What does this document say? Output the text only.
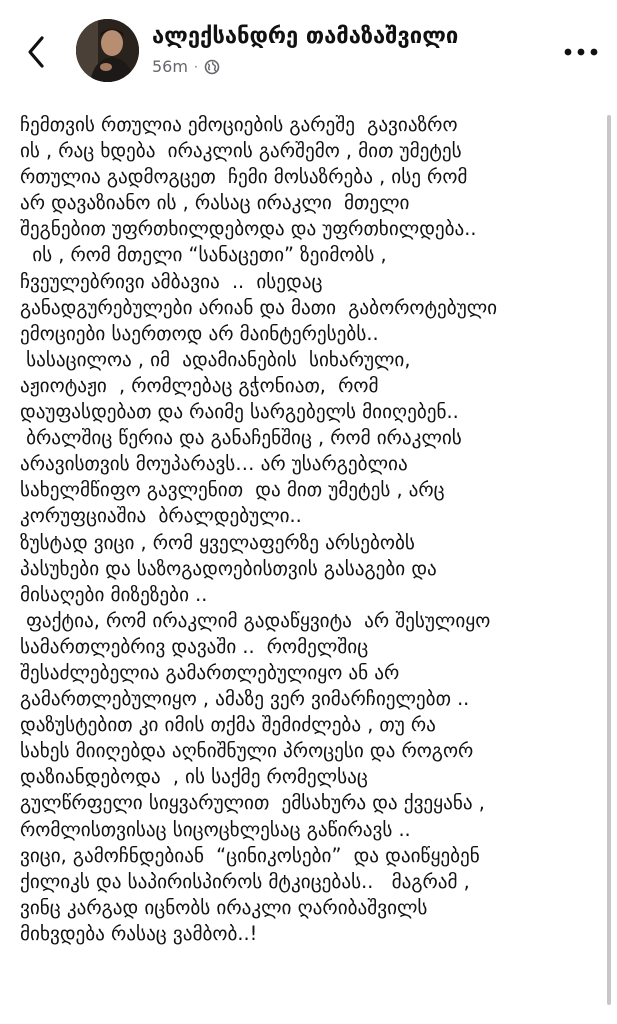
ალექსანდრე თამაზაშვილი
56m ·
ჩემთვის რთულია ემოციების გარეშე  გავიაზრო
ის , რაც ხდება  ირაკლის გარშემო , მით უმეტეს
რთულია გადმოგცეთ  ჩემი მოსაზრება , ისე რომ
არ დავაზიანო ის , რასაც ირაკლი  მთელი
შეგნებით უფრთხილდებოდა და უფრთხილდება..
ის , რომ მთელი “სანაცეთი” ზეიმობს ,
ჩვეულებრივი ამბავია  ..  ისედაც
განადგურებულები არიან და მათი  გაბოროტებული
ემოციები საერთოდ არ მაინტერესებს..
სასაცილოა , იმ  ადამიანების  სიხარული,
აჟიოტაჟი  , რომლებაც გჭონიათ,  რომ
დაუფასდებათ და რაიმე სარგებელს მიიღებენ..
ბრალშიც წერია და განაჩენშიც , რომ ირაკლის
არავისთვის მოუპარავს… არ უსარგებლია
სახელმწიფო გავლენით  და მით უმეტეს , არც
კორუფციაშია  ბრალდებული..
ზუსტად ვიცი , რომ ყველაფერზე არსებობს
პასუხები და საზოგადოებისთვის გასაგები და
მისაღები მიზეზები ..
ფაქტია, რომ ირაკლიმ გადაწყვიტა  არ შესულიყო
სამართლებრივ დავაში ..  რომელშიც
შესაძლებელია გამართლებულიყო ან არ
გამართლებულიყო , ამაზე ვერ ვიმარჩიელებთ ..
დაზუსტებით კი იმის თქმა შემიძლება , თუ რა
სახეს მიიღებდა აღნიშნული პროცესი და როგორ
დაზიანდებოდა  , ის საქმე რომელსაც
გულწრფელი სიყვარულით  ემსახურა და ქვეყანა ,
რომლისთვისაც სიცოცხლესაც გაწირავს ..
ვიცი, გამოჩნდებიან  “ცინიკოსები”  და დაიწყებენ
ქილიკს და საპირისპიროს მტკიცებას..   მაგრამ ,
ვინც კარგად იცნობს ირაკლი ღარიბაშვილს
მიხვდება რასაც ვამბობ..!
